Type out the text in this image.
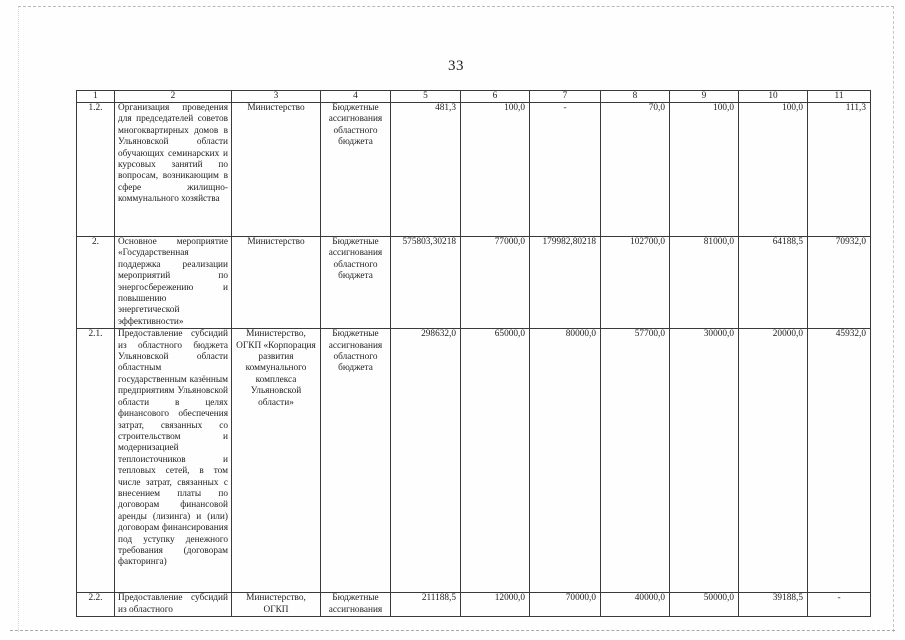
33
1	2	3	4	5	6	7	8	9	10	11
1.2.	Организация проведения для председателей советов многоквартирных домов в Ульяновской области обучающих семинарских и курсовых занятий по вопросам, возникающим в сфере жилищно-коммунального хозяйства	Министерство	Бюджетные ассигнования областного бюджета	481,3	100,0	-	70,0	100,0	100,0	111,3
2.	Основное мероприятие «Государственная поддержка реализации мероприятий по энергосбережению и повышению энергетической эффективности»	Министерство	Бюджетные ассигнования областного бюджета	575803,30218	77000,0	179982,80218	102700,0	81000,0	64188,5	70932,0
2.1.	Предоставление субсидий из областного бюджета Ульяновской области областным государственным казённым предприятиям Ульяновской области в целях финансового обеспечения затрат, связанных со строительством и модернизацией теплоисточников и тепловых сетей, в том числе затрат, связанных с внесением платы по договорам финансовой аренды (лизинга) и (или) договорам финансирования под уступку денежного требования (договорам факторинга)	Министерство, ОГКП «Корпорация развития коммунального комплекса Ульяновской области»	Бюджетные ассигнования областного бюджета	298632,0	65000,0	80000,0	57700,0	30000,0	20000,0	45932,0
2.2.	Предоставление субсидий из областного	Министерство, ОГКП	Бюджетные ассигнования	211188,5	12000,0	70000,0	40000,0	50000,0	39188,5	-
